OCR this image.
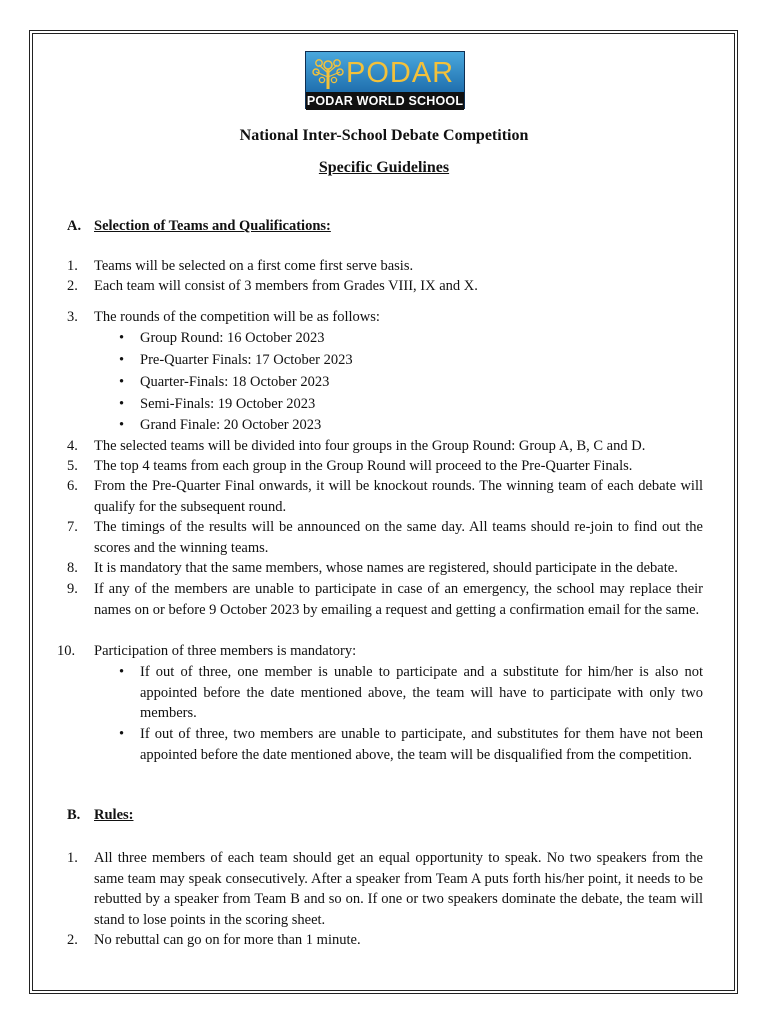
PODAR
PODAR WORLD SCHOOL
National Inter-School Debate Competition
Specific Guidelines
A. Selection of Teams and Qualifications:
1. Teams will be selected on a first come first serve basis.
2. Each team will consist of 3 members from Grades VIII, IX and X.
3. The rounds of the competition will be as follows:
• Group Round: 16 October 2023
• Pre-Quarter Finals: 17 October 2023
• Quarter-Finals: 18 October 2023
• Semi-Finals: 19 October 2023
• Grand Finale: 20 October 2023
4. The selected teams will be divided into four groups in the Group Round: Group A, B, C and D.
5. The top 4 teams from each group in the Group Round will proceed to the Pre-Quarter Finals.
6. From the Pre-Quarter Final onwards, it will be knockout rounds. The winning team of each debate will qualify for the subsequent round.
7. The timings of the results will be announced on the same day. All teams should re-join to find out the scores and the winning teams.
8. It is mandatory that the same members, whose names are registered, should participate in the debate.
9. If any of the members are unable to participate in case of an emergency, the school may replace their names on or before 9 October 2023 by emailing a request and getting a confirmation email for the same.
10. Participation of three members is mandatory:
• If out of three, one member is unable to participate and a substitute for him/her is also not appointed before the date mentioned above, the team will have to participate with only two members.
• If out of three, two members are unable to participate, and substitutes for them have not been appointed before the date mentioned above, the team will be disqualified from the competition.
B. Rules:
1. All three members of each team should get an equal opportunity to speak. No two speakers from the same team may speak consecutively. After a speaker from Team A puts forth his/her point, it needs to be rebutted by a speaker from Team B and so on. If one or two speakers dominate the debate, the team will stand to lose points in the scoring sheet.
2. No rebuttal can go on for more than 1 minute.
